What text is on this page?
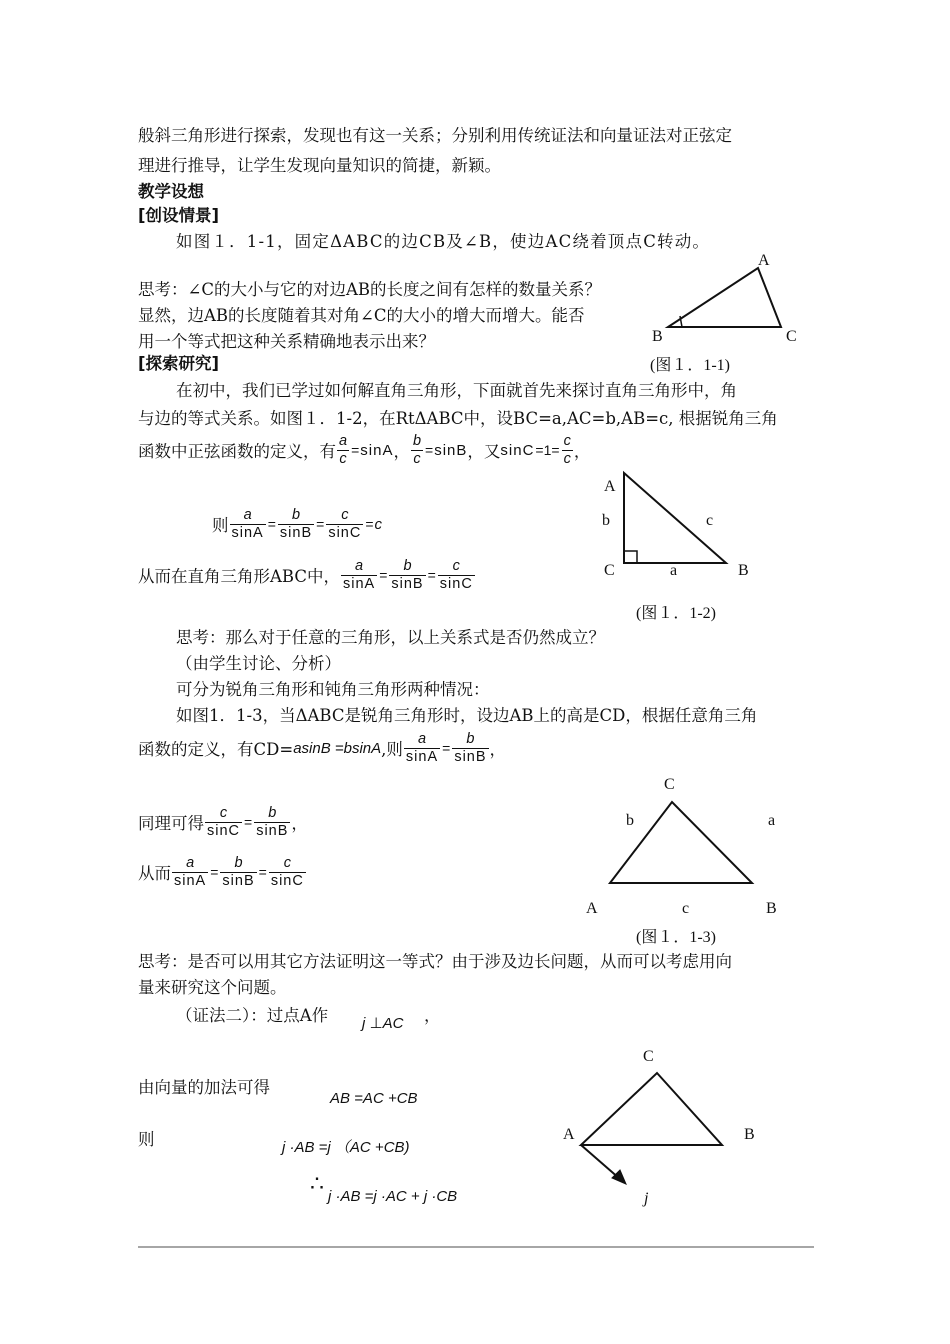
般斜三角形进行探索，发现也有这一关系；分别利用传统证法和向量证法对正弦定
理进行推导，让学生发现向量知识的简捷，新颖。
教学设想
[创设情景]
如图１．1-1，固定ΔABC的边CB及∠B，使边AC绕着顶点C转动。
思考：∠C的大小与它的对边AB的长度之间有怎样的数量关系？
显然，边AB的长度随着其对角∠C的大小的增大而增大。能否
用一个等式把这种关系精确地表示出来？
[探索研究]
在初中，我们已学过如何解直角三角形，下面就首先来探讨直角三角形中，角
与边的等式关系。如图１．1-2，在RtΔABC中，设BC=a,AC=b,AB=c, 根据锐角三角
函数中正弦函数的定义，有 $\frac{a}{c} = \sin A$ ， $\frac{b}{c} = \sin B$ ，又 $\sin C =1= \frac{c}{c}$ ，
则 $\frac{a}{\sin A} = \frac{b}{\sin B} = \frac{c}{\sin C} = c$
从而在直角三角形ABC中， $\frac{a}{\sin A} = \frac{b}{\sin B} = \frac{c}{\sin C}$
思考：那么对于任意的三角形，以上关系式是否仍然成立？
（由学生讨论、分析）
可分为锐角三角形和钝角三角形两种情况：
如图1．1-3，当ΔABC是锐角三角形时，设边AB上的高是CD，根据任意角三角
函数的定义，有CD= asinB =bsinA ,则 $\frac{a}{\sin A} = \frac{b}{\sin B}$ ，
同理可得 $\frac{c}{\sin C} = \frac{b}{\sin B}$ ，
从而 $\frac{a}{\sin A} = \frac{b}{\sin B} = \frac{c}{\sin C}$
思考：是否可以用其它方法证明这一等式？由于涉及边长问题，从而可以考虑用向
量来研究这个问题。
（证法二）：过点A作 j ⊥AC ，
由向量的加法可得
AB =AC +CB
则	j ·AB =j （AC +CB)
∴ j ·AB =j ·AC + j ·CB
A
B	C
(图１．1-1)
A
b	c
C	a	B
(图１．1-2)
C
b	a
A	c	B
(图１．1-3)
C
A	B
j
